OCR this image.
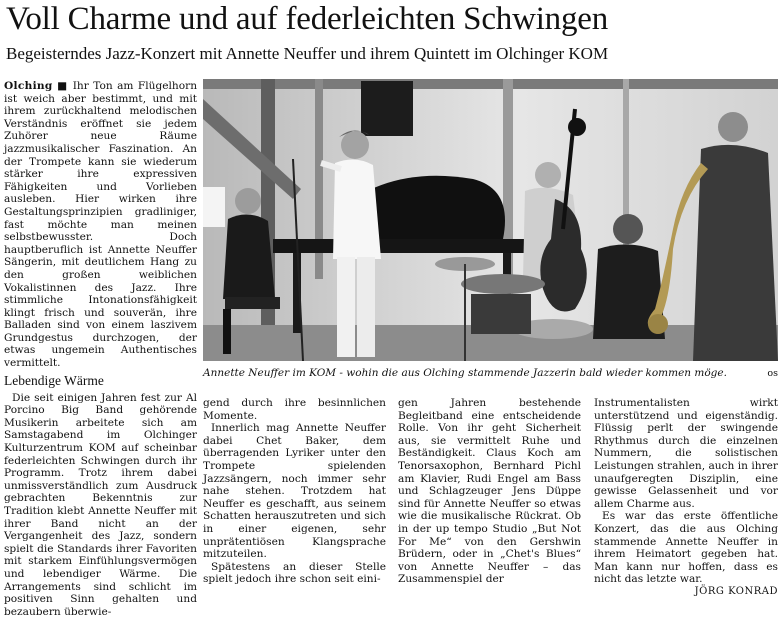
Voll Charme und auf federleichten Schwingen
Begeisterndes Jazz-Konzert mit Annette Neuffer und ihrem Quintett im Olchinger KOM

Olching ■ Ihr Ton am Flügelhorn ist weich aber bestimmt, und mit ihrem zurückhaltend melodischen Verständnis eröffnet sie jedem Zuhörer neue Räume jazzmusikalischer Faszination. An der Trompete kann sie wiederum stärker ihre expressiven Fähigkeiten und Vorlieben ausleben. Hier wirken ihre Gestaltungsprinzipien gradliniger, fast möchte man meinen selbstbewusster. Doch hauptberuflich ist Annette Neuffer Sängerin, mit deutlichem Hang zu den großen weiblichen Vokalistinnen des Jazz. Ihre stimmliche Intonationsfähigkeit klingt frisch und souverän, ihre Balladen sind von einem laszivem Grundgestus durchzogen, der etwas ungemein Authentisches vermittelt.

Lebendige Wärme

Die seit einigen Jahren fest zur Al Porcino Big Band gehörende Musikerin arbeitete sich am Samstagabend im Olchinger Kulturzentrum KOM auf scheinbar federleichten Schwingen durch ihr Programm. Trotz ihrem dabei unmissverständlich zum Ausdruck gebrachten Bekenntnis zur Tradition klebt Annette Neuffer mit ihrer Band nicht an der Vergangenheit des Jazz, sondern spielt die Standards ihrer Favoriten mit starkem Einfühlungsvermögen und lebendiger Wärme. Die Arrangements sind schlicht im positiven Sinn gehalten und bezaubern überwie-

Annette Neuffer im KOM - wohin die aus Olching stammende Jazzerin bald wieder kommen möge.	os

gend durch ihre besinnlichen Momente.

Innerlich mag Annette Neuffer dabei Chet Baker, dem überragenden Lyriker unter den Trompete spielenden Jazzsängern, noch immer sehr nahe stehen. Trotzdem hat Neuffer es geschafft, aus seinem Schatten herauszutreten und sich in einer eigenen, sehr unprätentiösen Klangsprache mitzuteilen.

Spätestens an dieser Stelle spielt jedoch ihre schon seit eini-

gen Jahren bestehende Begleitband eine entscheidende Rolle. Von ihr geht Sicherheit aus, sie vermittelt Ruhe und Beständigkeit. Claus Koch am Tenorsaxophon, Bernhard Pichl am Klavier, Rudi Engel am Bass und Schlagzeuger Jens Düppe sind für Annette Neuffer so etwas wie die musikalische Rückrat. Ob in der up tempo Studio „But Not For Me“ von den Gershwin Brüdern, oder in „Chet's Blues“ von Annette Neuffer – das Zusammenspiel der

Instrumentalisten wirkt unterstützend und eigenständig. Flüssig perlt der swingende Rhythmus durch die einzelnen Nummern, die solistischen Leistungen strahlen, auch in ihrer unaufgeregten Disziplin, eine gewisse Gelassenheit und vor allem Charme aus.

Es war das erste öffentliche Konzert, das die aus Olching stammende Annette Neuffer in ihrem Heimatort gegeben hat. Man kann nur hoffen, dass es nicht das letzte war.
JÖRG KONRAD
